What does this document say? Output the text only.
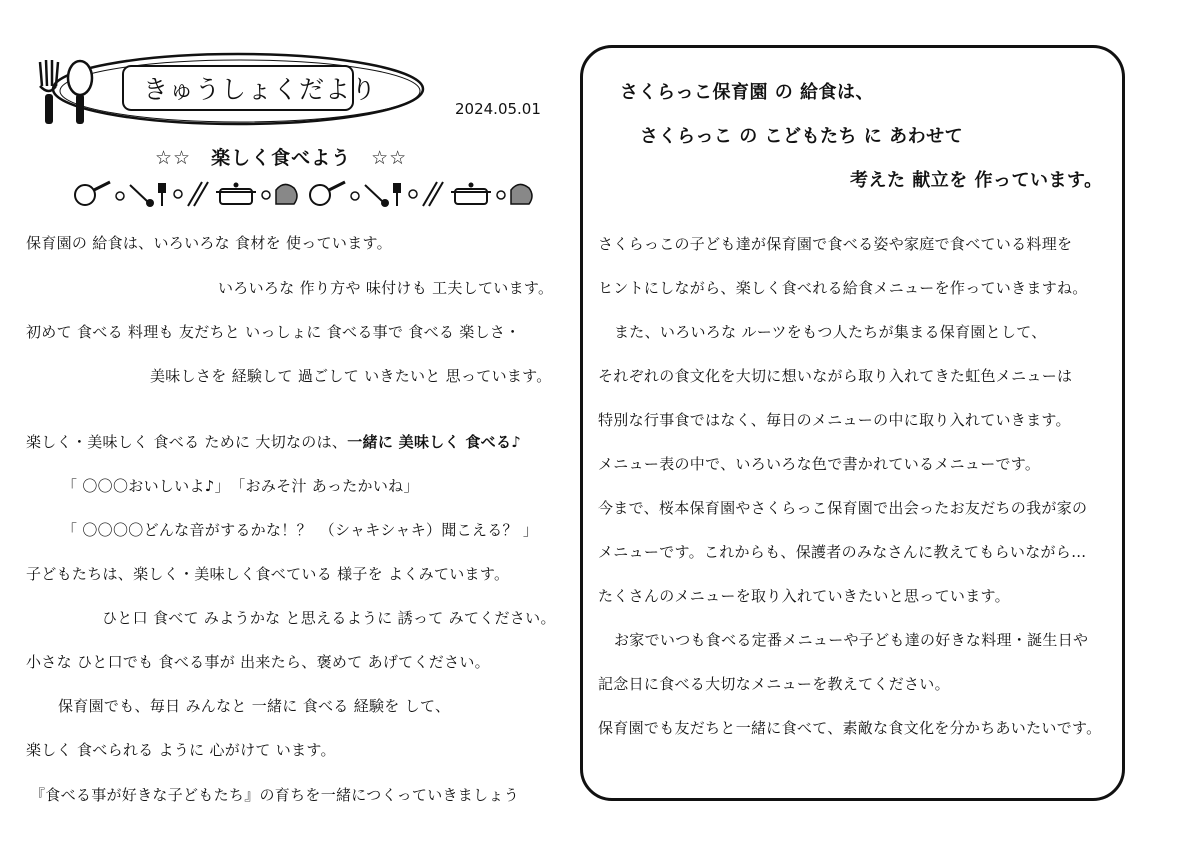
きゅうしょくだより
2024.05.01
☆☆　楽しく食べよう　☆☆
保育園の 給食は、いろいろな 食材を 使っています。
いろいろな 作り方や 味付けも 工夫しています。
初めて 食べる 料理も 友だちと いっしょに 食べる事で 食べる 楽しさ・
美味しさを 経験して 過ごして いきたいと 思っています。
楽しく・美味しく 食べる ために 大切なのは、一緒に 美味しく 食べる♪
「 〇〇〇おいしいよ♪」　「おみそ汁 あったかいね」
「 〇〇〇〇どんな音がするかな！？　（シャキシャキ）聞こえる？ 」
子どもたちは、楽しく・美味しく食べている 様子を よくみています。
ひと口 食べて みようかな と思えるように 誘って みてください。
小さな ひと口でも 食べる事が 出来たら、褒めて あげてください。
保育園でも、毎日 みんなと 一緒に 食べる 経験を して、
楽しく 食べられる ように 心がけて います。
『食べる事が好きな子どもたち』の育ちを一緒につくっていきましょう
さくらっこ保育園 の 給食は、
さくらっこ の こどもたち に あわせて
考えた 献立を 作っています。
さくらっこの子ども達が保育園で食べる姿や家庭で食べている料理を
ヒントにしながら、楽しく食べれる給食メニューを作っていきますね。
また、いろいろな ルーツをもつ人たちが集まる保育園として、
それぞれの食文化を大切に想いながら取り入れてきた虹色メニューは
特別な行事食ではなく、毎日のメニューの中に取り入れていきます。
メニュー表の中で、いろいろな色で書かれているメニューです。
今まで、桜本保育園やさくらっこ保育園で出会ったお友だちの我が家の
メニューです。これからも、保護者のみなさんに教えてもらいながら…
たくさんのメニューを取り入れていきたいと思っています。
お家でいつも食べる定番メニューや子ども達の好きな料理・誕生日や
記念日に食べる大切なメニューを教えてください。
保育園でも友だちと一緒に食べて、素敵な食文化を分かちあいたいです。
